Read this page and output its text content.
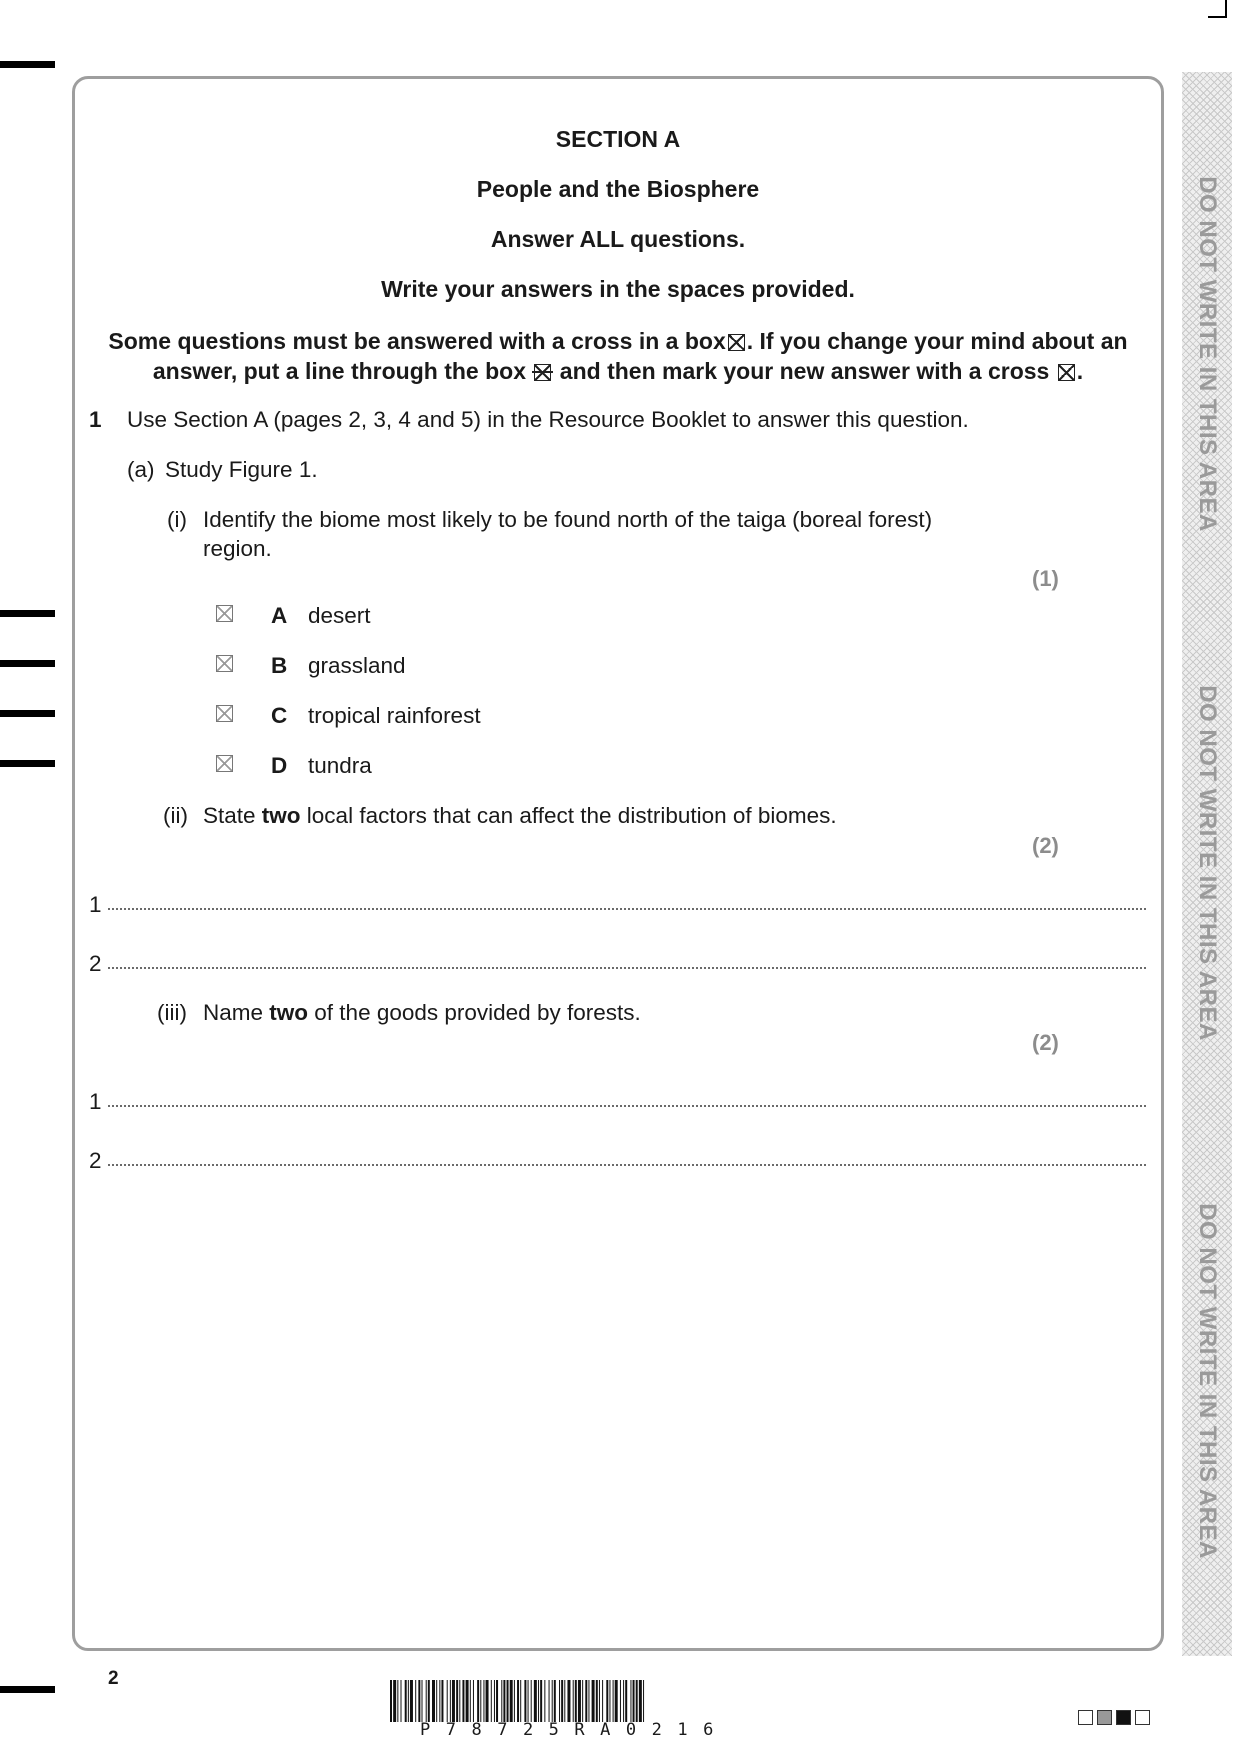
DO NOT WRITE IN THIS AREA
DO NOT WRITE IN THIS AREA
DO NOT WRITE IN THIS AREA
SECTION A
People and the Biosphere
Answer ALL questions.
Write your answers in the spaces provided.
Some questions must be answered with a cross in a box ☒ . If you change your mind about an
answer, put a line through the box and then mark your new answer with a cross ☒ .
1 Use Section A (pages 2, 3, 4 and 5) in the Resource Booklet to answer this question.
(a) Study Figure 1.
(i) Identify the biome most likely to be found north of the taiga (boreal forest)
region.
(1)
A desert
B grassland
C tropical rainforest
D tundra
(ii) State two local factors that can affect the distribution of biomes.
(2)
1
2
(iii) Name two of the goods provided by forests.
(2)
1
2
2
P78725RA0216
